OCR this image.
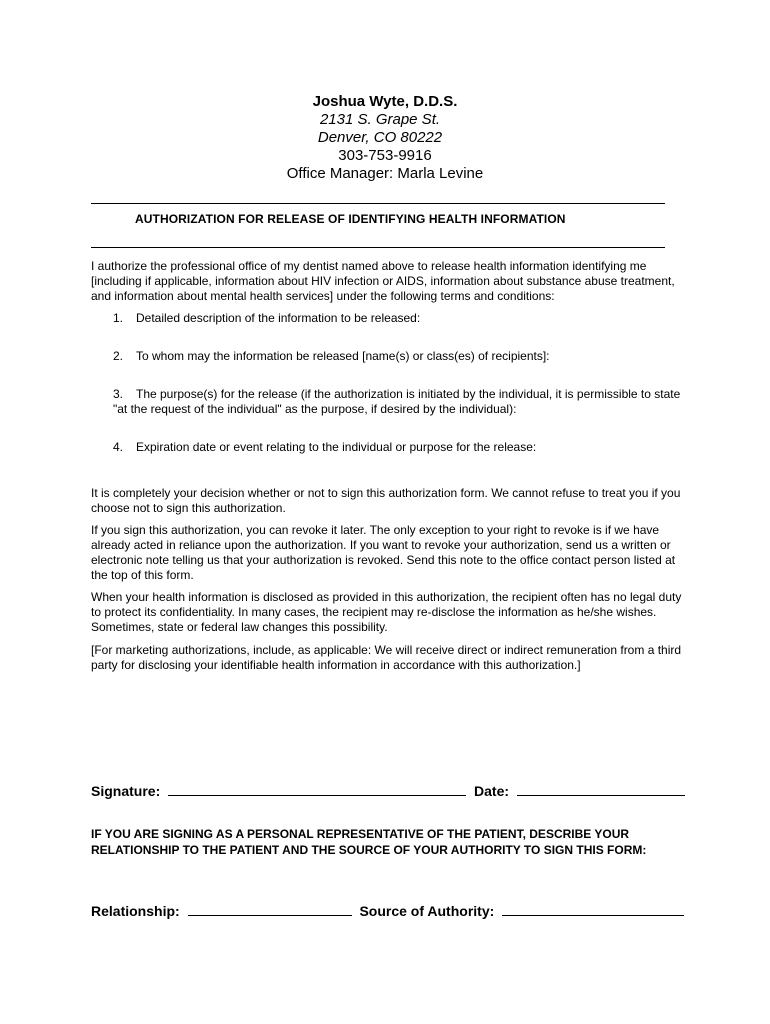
Joshua Wyte, D.D.S.
2131 S. Grape St.
Denver, CO 80222
303-753-9916
Office Manager: Marla Levine
AUTHORIZATION FOR RELEASE OF IDENTIFYING HEALTH INFORMATION
I authorize the professional office of my dentist named above to release health information identifying me [including if applicable, information about HIV infection or AIDS, information about substance abuse treatment, and information about mental health services] under the following terms and conditions:
1. Detailed description of the information to be released:
2. To whom may the information be released [name(s) or class(es) of recipients]:
3. The purpose(s) for the release (if the authorization is initiated by the individual, it is permissible to state "at the request of the individual" as the purpose, if desired by the individual):
4. Expiration date or event relating to the individual or purpose for the release:
It is completely your decision whether or not to sign this authorization form. We cannot refuse to treat you if you choose not to sign this authorization.
If you sign this authorization, you can revoke it later. The only exception to your right to revoke is if we have already acted in reliance upon the authorization. If you want to revoke your authorization, send us a written or electronic note telling us that your authorization is revoked. Send this note to the office contact person listed at the top of this form.
When your health information is disclosed as provided in this authorization, the recipient often has no legal duty to protect its confidentiality. In many cases, the recipient may re-disclose the information as he/she wishes. Sometimes, state or federal law changes this possibility.
[For marketing authorizations, include, as applicable: We will receive direct or indirect remuneration from a third party for disclosing your identifiable health information in accordance with this authorization.]
Signature:	Date:
IF YOU ARE SIGNING AS A PERSONAL REPRESENTATIVE OF THE PATIENT, DESCRIBE YOUR RELATIONSHIP TO THE PATIENT AND THE SOURCE OF YOUR AUTHORITY TO SIGN THIS FORM:
Relationship:	Source of Authority:
